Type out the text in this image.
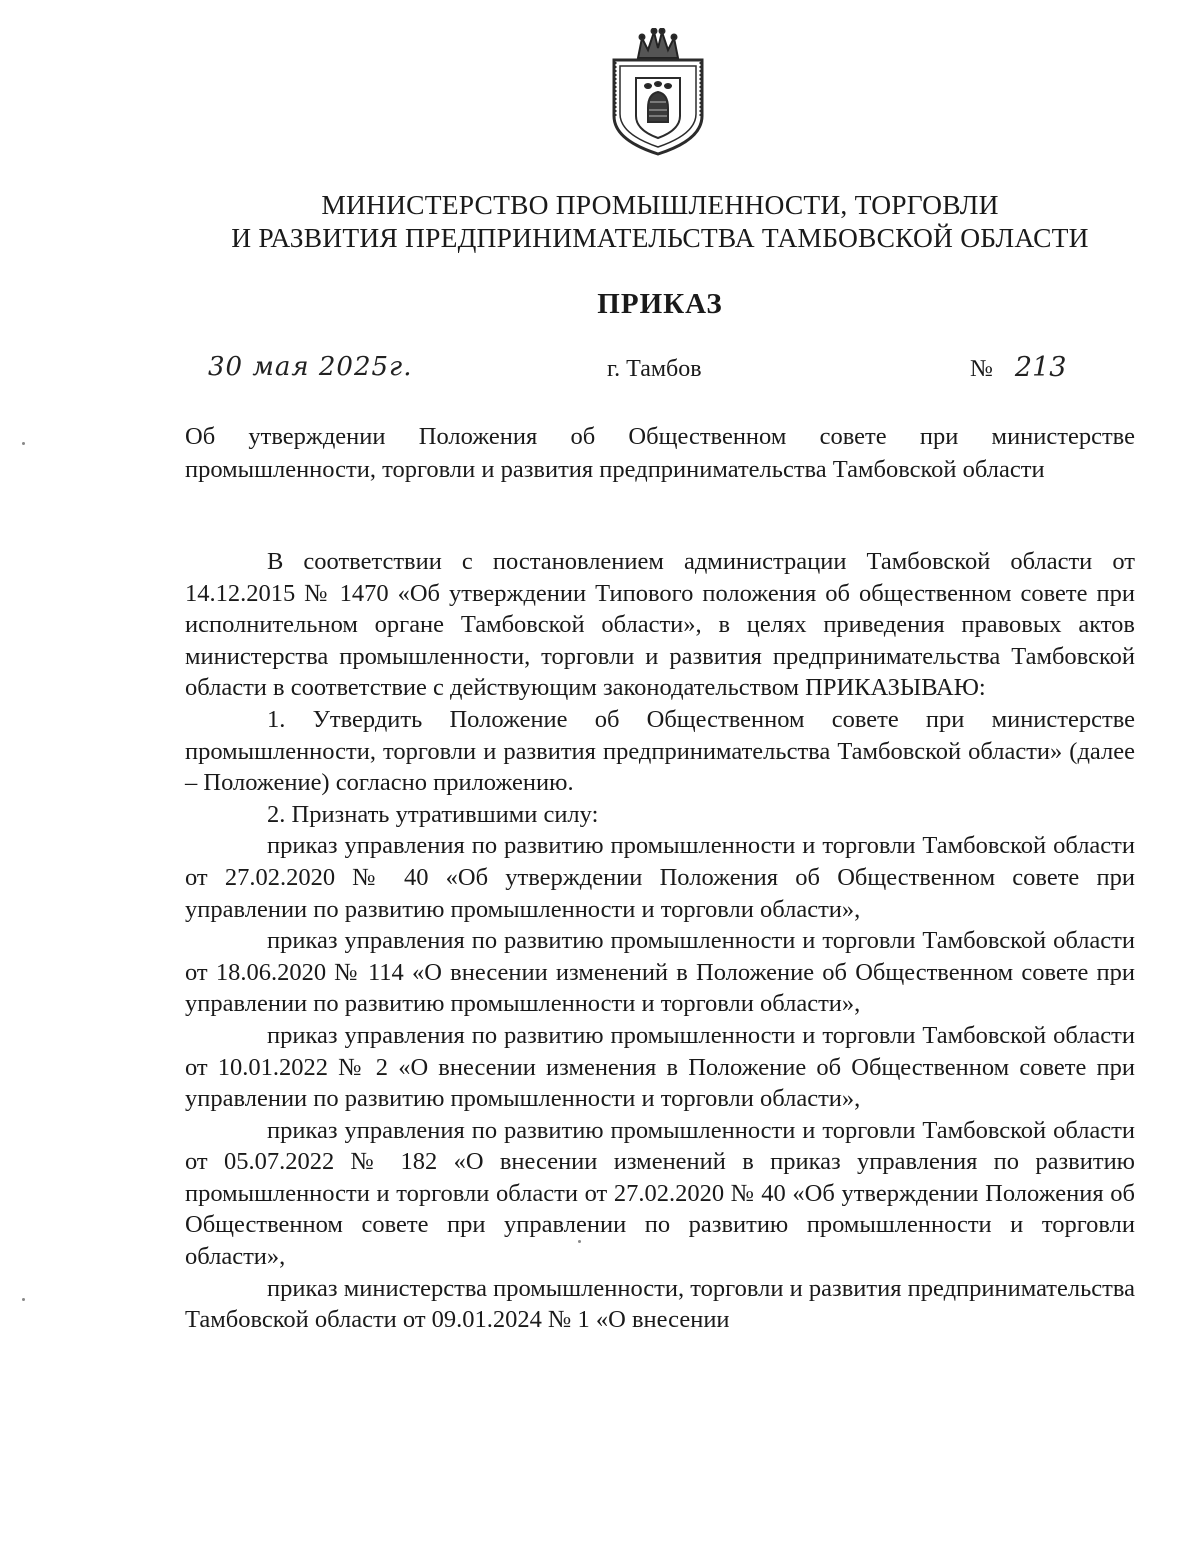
МИНИСТЕРСТВО ПРОМЫШЛЕННОСТИ, ТОРГОВЛИ
И РАЗВИТИЯ ПРЕДПРИНИМАТЕЛЬСТВА ТАМБОВСКОЙ ОБЛАСТИ
ПРИКАЗ
30 мая 2025г.	г. Тамбов	№ 213
Об утверждении Положения об Общественном совете при министерстве промышленности, торговли и развития предпринимательства Тамбовской области

В соответствии с постановлением администрации Тамбовской области от 14.12.2015 № 1470 «Об утверждении Типового положения об общественном совете при исполнительном органе Тамбовской области», в целях приведения правовых актов министерства промышленности, торговли и развития предпринимательства Тамбовской области в соответствие с действующим законодательством ПРИКАЗЫВАЮ:

1. Утвердить Положение об Общественном совете при министерстве промышленности, торговли и развития предпринимательства Тамбовской области» (далее – Положение) согласно приложению.

2. Признать утратившими силу:

приказ управления по развитию промышленности и торговли Тамбовской области от 27.02.2020 № 40 «Об утверждении Положения об Общественном совете при управлении по развитию промышленности и торговли области»,

приказ управления по развитию промышленности и торговли Тамбовской области от 18.06.2020 № 114 «О внесении изменений в Положение об Общественном совете при управлении по развитию промышленности и торговли области»,

приказ управления по развитию промышленности и торговли Тамбовской области от 10.01.2022 № 2 «О внесении изменения в Положение об Общественном совете при управлении по развитию промышленности и торговли области»,

приказ управления по развитию промышленности и торговли Тамбовской области от 05.07.2022 № 182 «О внесении изменений в приказ управления по развитию промышленности и торговли области от 27.02.2020 № 40 «Об утверждении Положения об Общественном совете при управлении по развитию промышленности и торговли области»,

приказ министерства промышленности, торговли и развития предпринимательства Тамбовской области от 09.01.2024 № 1 «О внесении
